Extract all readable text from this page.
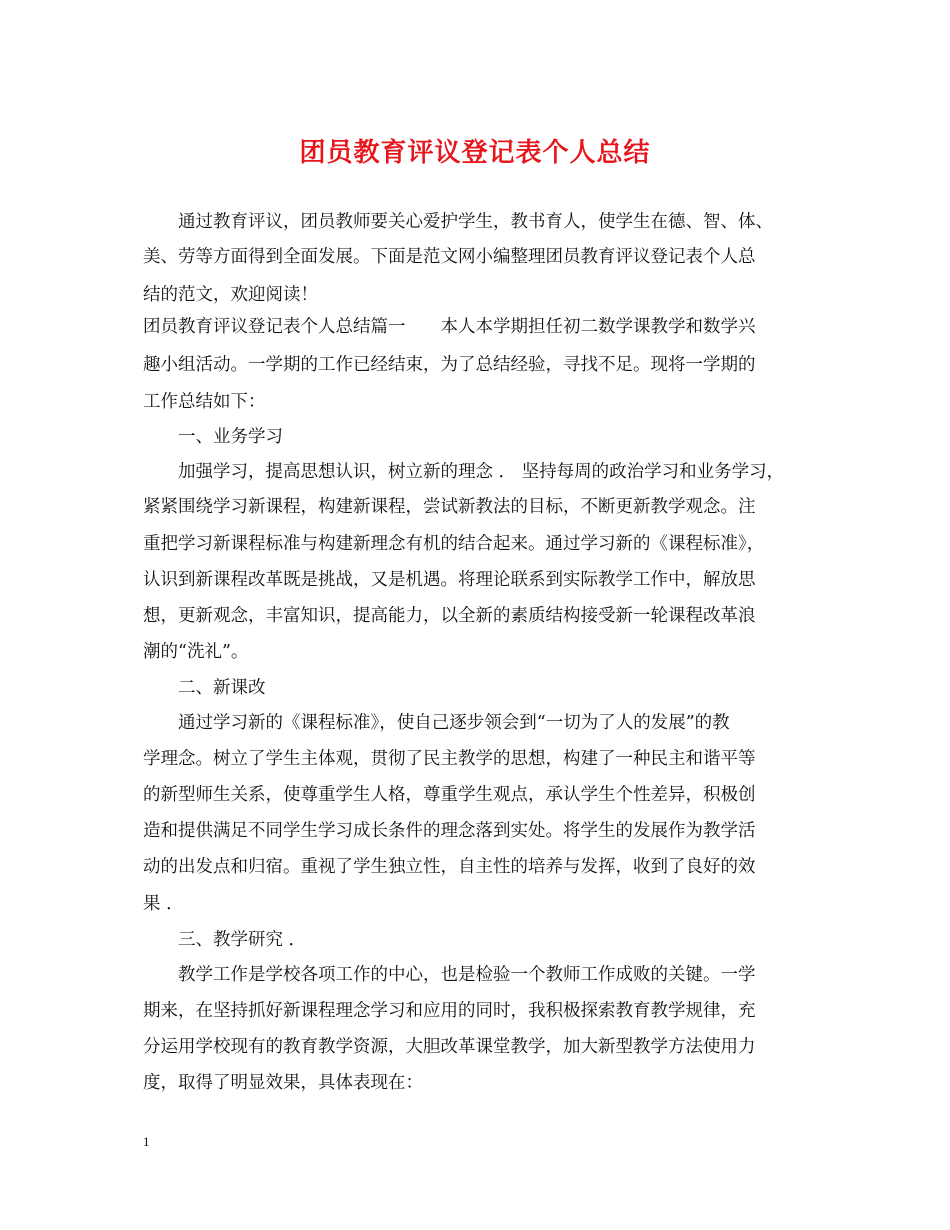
团员教育评议登记表个人总结
通过教育评议，团员教师要关心爱护学生，教书育人，使学生在德、智、体、
美、劳等方面得到全面发展。下面是范文网小编整理团员教育评议登记表个人总
结的范文，欢迎阅读！
团员教育评议登记表个人总结篇一　　本人本学期担任初二数学课教学和数学兴
趣小组活动。一学期的工作已经结束，为了总结经验，寻找不足。现将一学期的
工作总结如下：
一、业务学习
加强学习，提高思想认识，树立新的理念 ． 坚持每周的政治学习和业务学习，
紧紧围绕学习新课程，构建新课程，尝试新教法的目标，不断更新教学观念。注
重把学习新课程标准与构建新理念有机的结合起来。通过学习新的《课程标准》，
认识到新课程改革既是挑战，又是机遇。将理论联系到实际教学工作中，解放思
想，更新观念，丰富知识，提高能力，以全新的素质结构接受新一轮课程改革浪
潮的“洗礼”。
二、新课改
通过学习新的《课程标准》，使自己逐步领会到“一切为了人的发展”的教
学理念。树立了学生主体观，贯彻了民主教学的思想，构建了一种民主和谐平等
的新型师生关系，使尊重学生人格，尊重学生观点，承认学生个性差异，积极创
造和提供满足不同学生学习成长条件的理念落到实处。将学生的发展作为教学活
动的出发点和归宿。重视了学生独立性，自主性的培养与发挥，收到了良好的效
果 ．
三、教学研究 ．
教学工作是学校各项工作的中心，也是检验一个教师工作成败的关键。一学
期来，在坚持抓好新课程理念学习和应用的同时，我积极探索教育教学规律，充
分运用学校现有的教育教学资源，大胆改革课堂教学，加大新型教学方法使用力
度，取得了明显效果，具体表现在：
1
